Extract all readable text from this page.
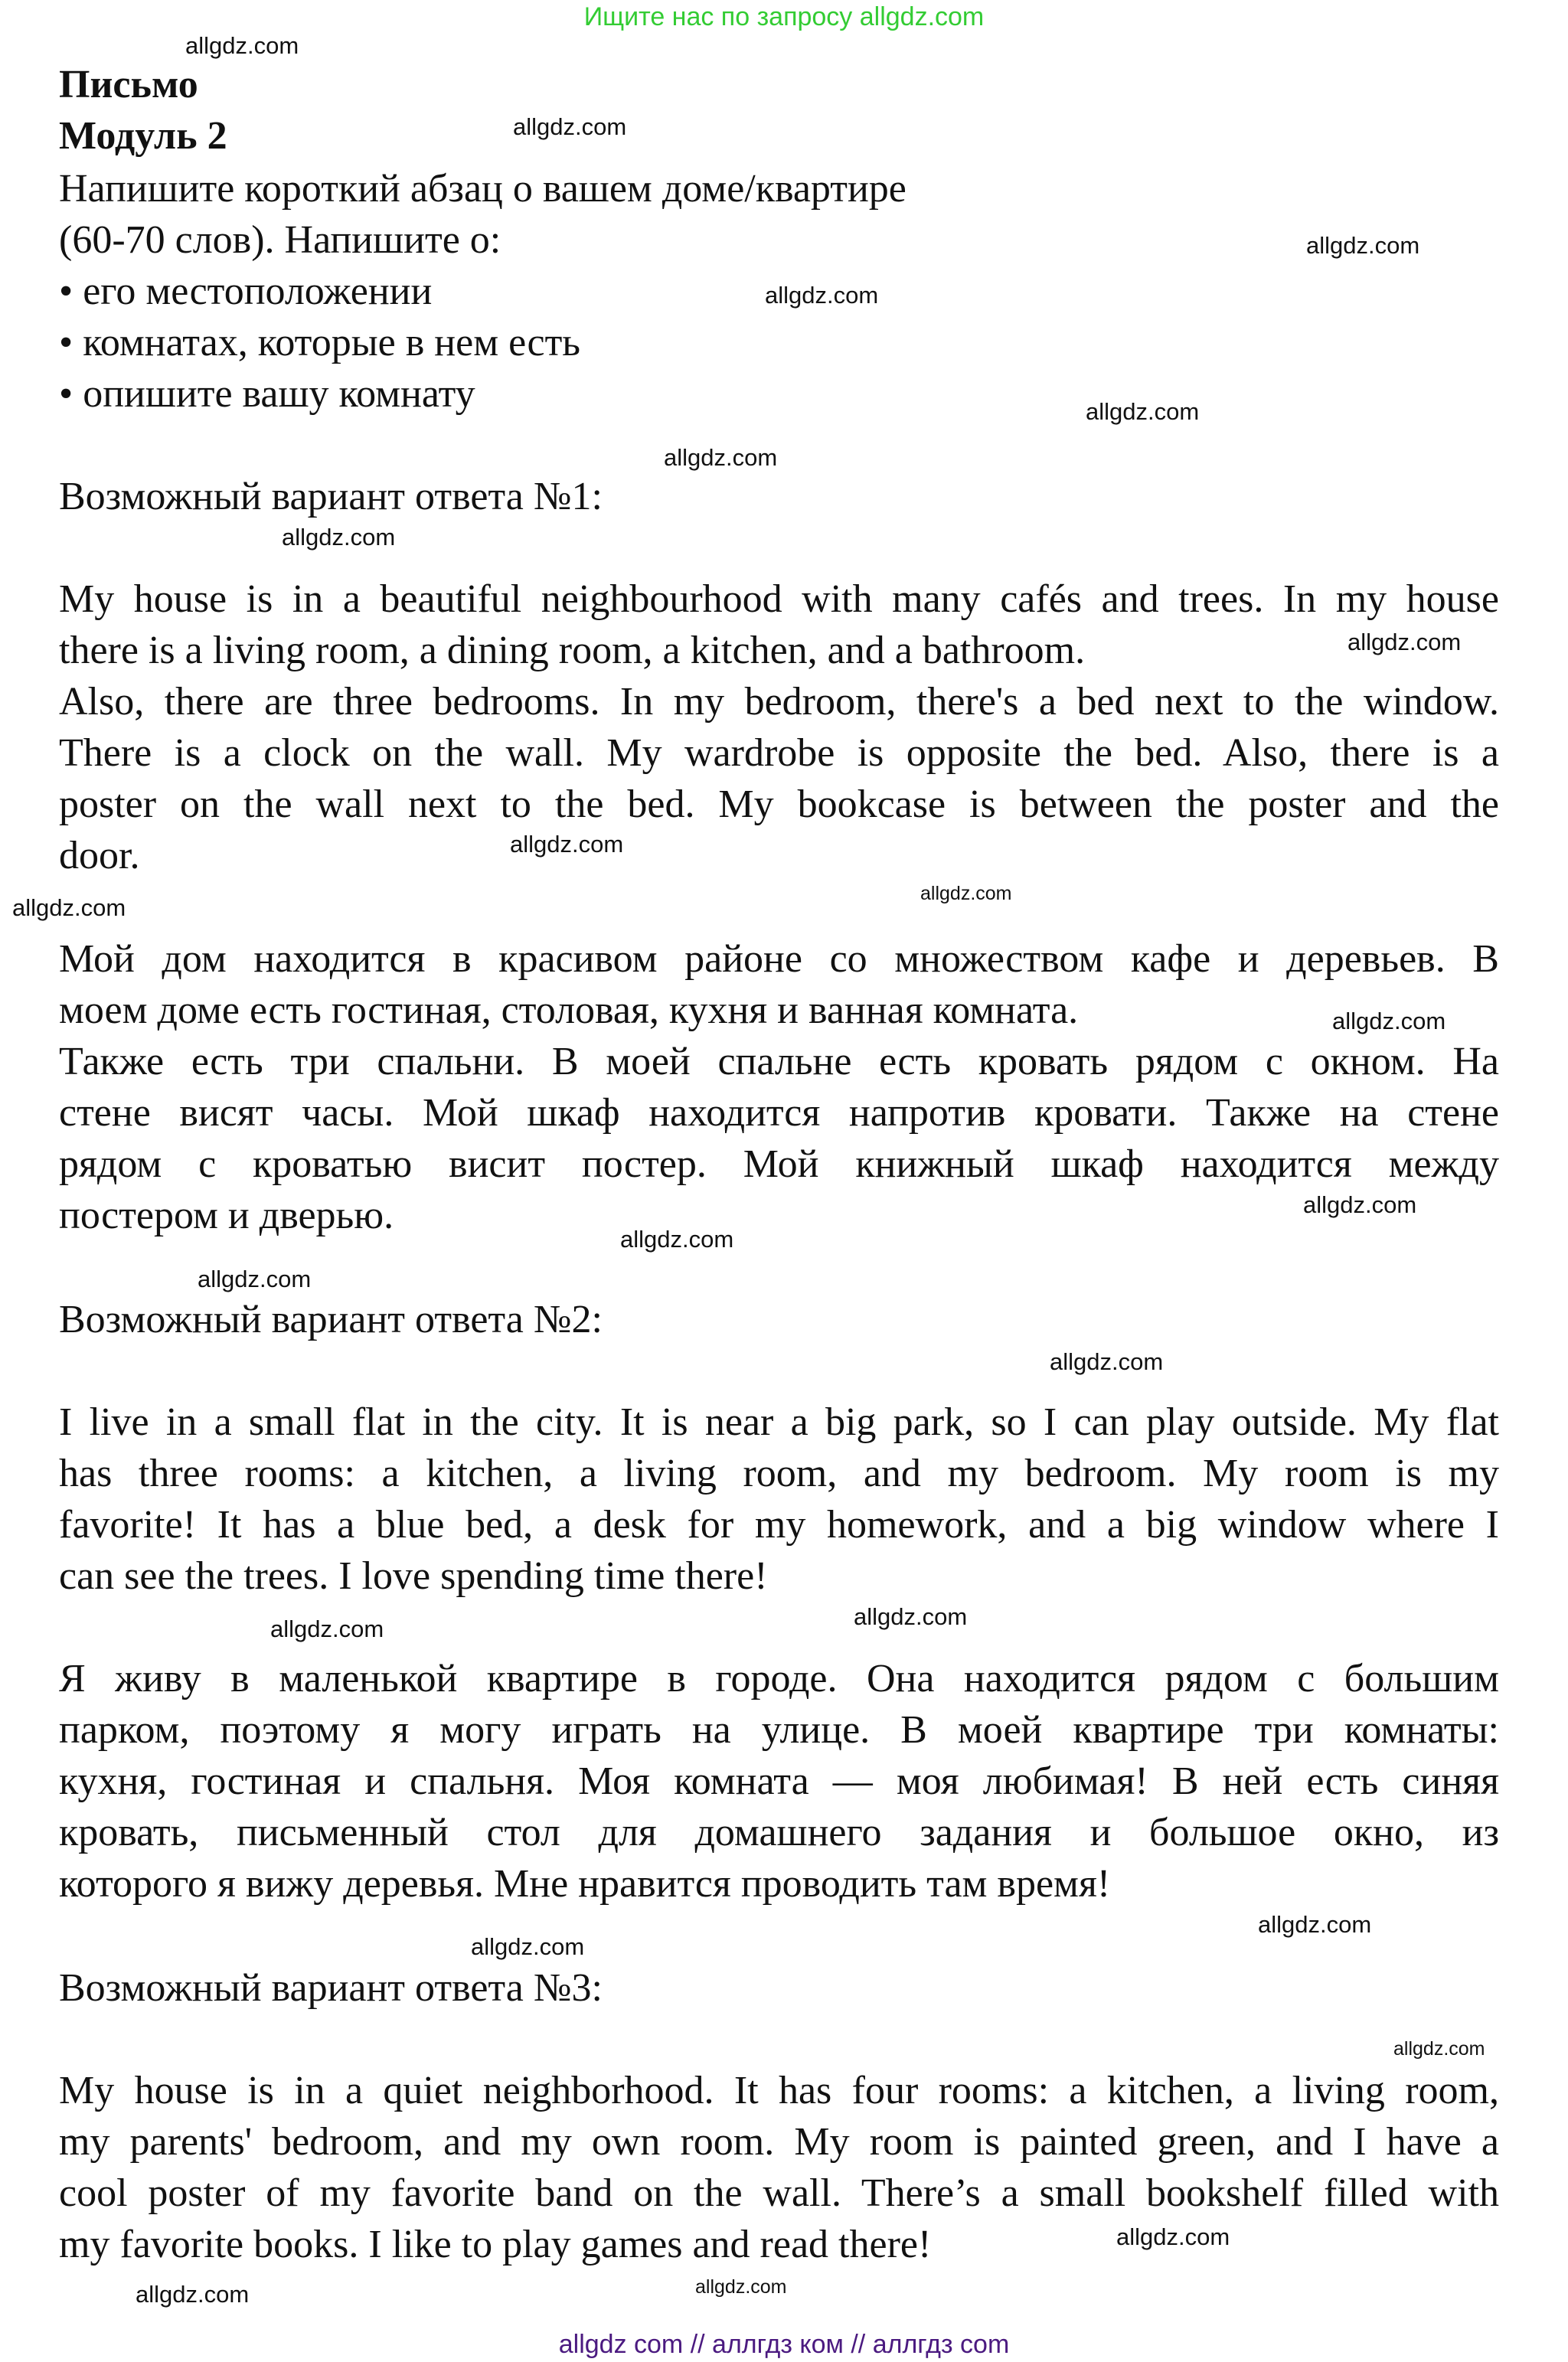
Ищите нас по запросу allgdz.com
Письмо
Модуль 2
Напишите короткий абзац о вашем доме/квартире
(60-70 слов). Напишите о:
• его местоположении
• комнатах, которые в нем есть
• опишите вашу комнату
Возможный вариант ответа №1:
My house is in a beautiful neighbourhood with many cafés and trees. In my house
there is a living room, a dining room, a kitchen, and a bathroom.
Also, there are three bedrooms. In my bedroom, there's a bed next to the window.
There is a clock on the wall. My wardrobe is opposite the bed. Also, there is a
poster on the wall next to the bed. My bookcase is between the poster and the
door.
Мой дом находится в красивом районе со множеством кафе и деревьев. В
моем доме есть гостиная, столовая, кухня и ванная комната.
Также есть три спальни. В моей спальне есть кровать рядом с окном. На
стене висят часы. Мой шкаф находится напротив кровати. Также на стене
рядом с кроватью висит постер. Мой книжный шкаф находится между
постером и дверью.
Возможный вариант ответа №2:
I live in a small flat in the city. It is near a big park, so I can play outside. My flat
has three rooms: a kitchen, a living room, and my bedroom. My room is my
favorite! It has a blue bed, a desk for my homework, and a big window where I
can see the trees. I love spending time there!
Я живу в маленькой квартире в городе. Она находится рядом с большим
парком, поэтому я могу играть на улице. В моей квартире три комнаты:
кухня, гостиная и спальня. Моя комната — моя любимая! В ней есть синяя
кровать, письменный стол для домашнего задания и большое окно, из
которого я вижу деревья. Мне нравится проводить там время!
Возможный вариант ответа №3:
My house is in a quiet neighborhood. It has four rooms: a kitchen, a living room,
my parents' bedroom, and my own room. My room is painted green, and I have a
cool poster of my favorite band on the wall. There’s a small bookshelf filled with
my favorite books. I like to play games and read there!
allgdz.com
allgdz.com
allgdz.com
allgdz.com
allgdz.com
allgdz.com
allgdz.com
allgdz.com
allgdz.com
allgdz.com
allgdz.com
allgdz.com
allgdz.com
allgdz.com
allgdz.com
allgdz.com
allgdz.com
allgdz.com
allgdz.com
allgdz.com
allgdz.com
allgdz.com
allgdz.com
allgdz.com
allgdz com // аллгдз ком // аллгдз com
